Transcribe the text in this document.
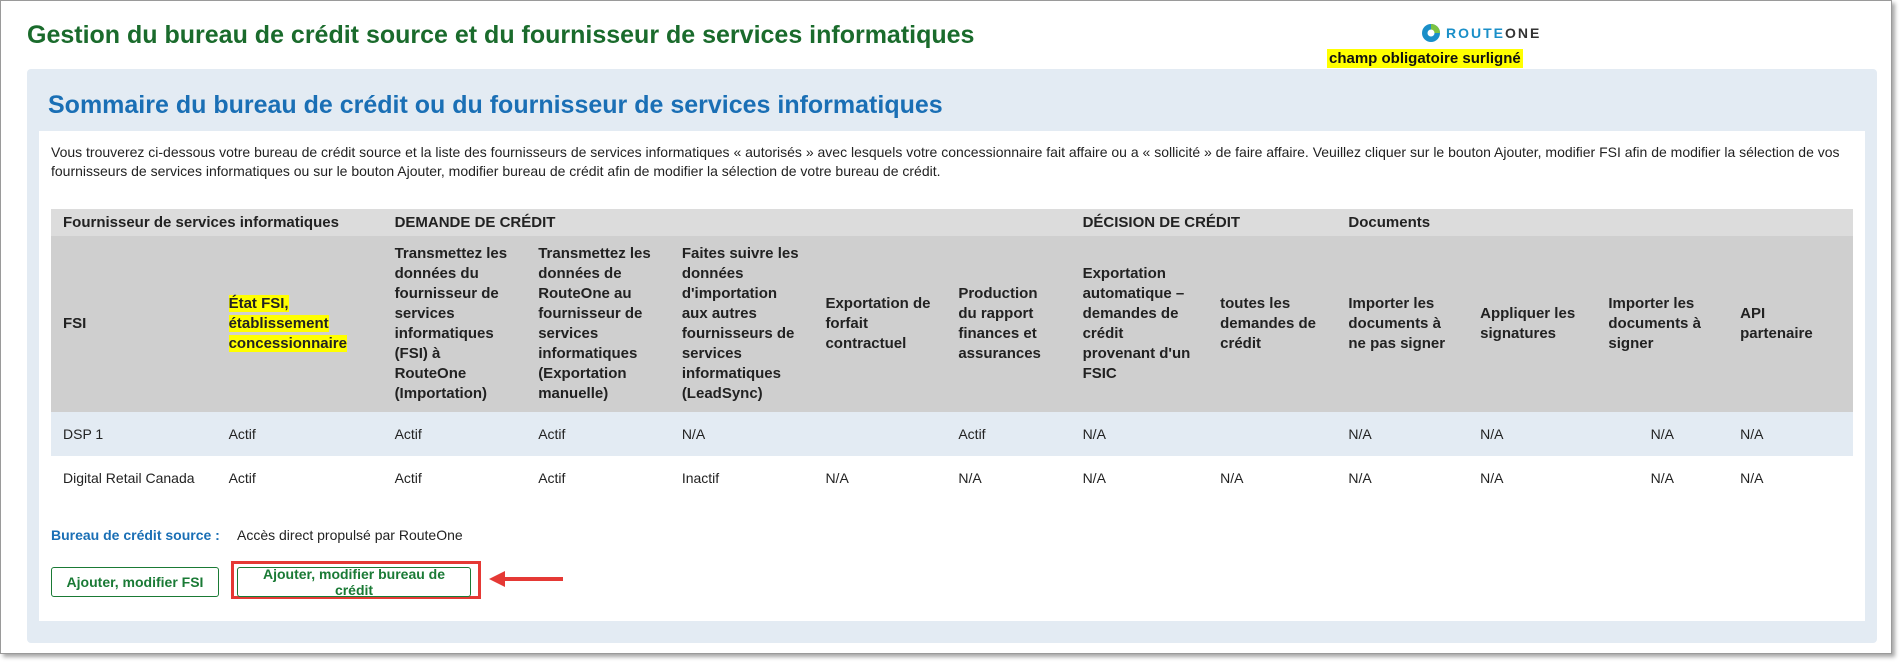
Gestion du bureau de crédit source et du fournisseur de services informatiques	ROUTEONE
champ obligatoire surligné
Sommaire du bureau de crédit ou du fournisseur de services informatiques

Vous trouverez ci-dessous votre bureau de crédit source et la liste des fournisseurs de services informatiques « autorisés » avec lesquels votre concessionnaire fait affaire ou a « sollicité » de faire affaire. Veuillez cliquer sur le bouton Ajouter, modifier FSI afin de modifier la sélection de vos fournisseurs de services informatiques ou sur le bouton Ajouter, modifier bureau de crédit afin de modifier la sélection de votre bureau de crédit.

Fournisseur de services informatiques		DEMANDE DE CRÉDIT					DÉCISION DE CRÉDIT		Documents			
FSI	État FSI, établissement concessionnaire	Transmettez les données du fournisseur de services informatiques (FSI) à RouteOne (Importation)	Transmettez les données de RouteOne au fournisseur de services informatiques (Exportation manuelle)	Faites suivre les données d'importation aux autres fournisseurs de services informatiques (LeadSync)	Exportation de forfait contractuel	Production du rapport finances et assurances	Exportation automatique – demandes de crédit provenant d'un FSIC	toutes les demandes de crédit	Importer les documents à ne pas signer	Appliquer les signatures	Importer les documents à signer	API partenaire
DSP 1	Actif	Actif	Actif	N/A		Actif	N/A		N/A	N/A	N/A	N/A
Digital Retail Canada	Actif	Actif	Actif	Inactif	N/A	N/A	N/A	N/A	N/A	N/A	N/A	N/A
Bureau de crédit source : Accès direct propulsé par RouteOne
Ajouter, modifier FSI	Ajouter, modifier bureau de crédit
